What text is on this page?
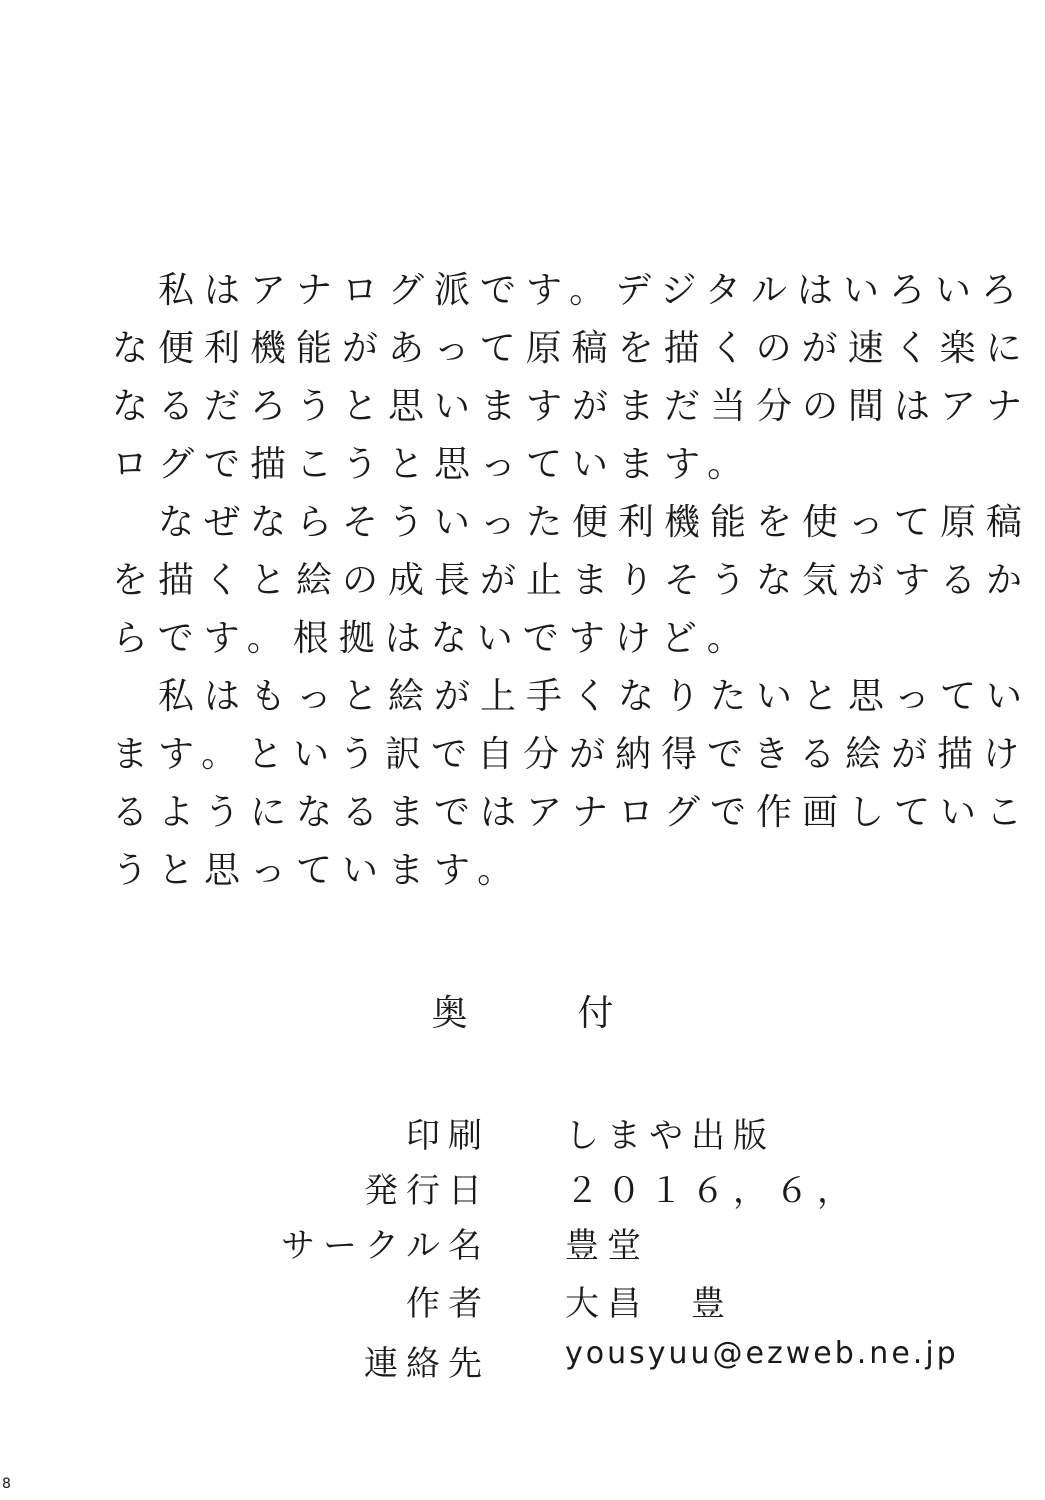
　私はアナログ派です。デジタルはいろいろ
な便利機能があって原稿を描くのが速く楽に
なるだろうと思いますがまだ当分の間はアナ
ログで描こうと思っています。
　なぜならそういった便利機能を使って原稿
を描くと絵の成長が止まりそうな気がするか
らです。根拠はないですけど。
　私はもっと絵が上手くなりたいと思ってい
ます。という訳で自分が納得できる絵が描け
るようになるまではアナログで作画していこ
うと思っています。
奥	付
印刷 しまや出版
発行日 ２０１６，６，
サークル名 豊堂
作者 大昌　豊
連絡先	yousyuu@ezweb.ne.jp
8
